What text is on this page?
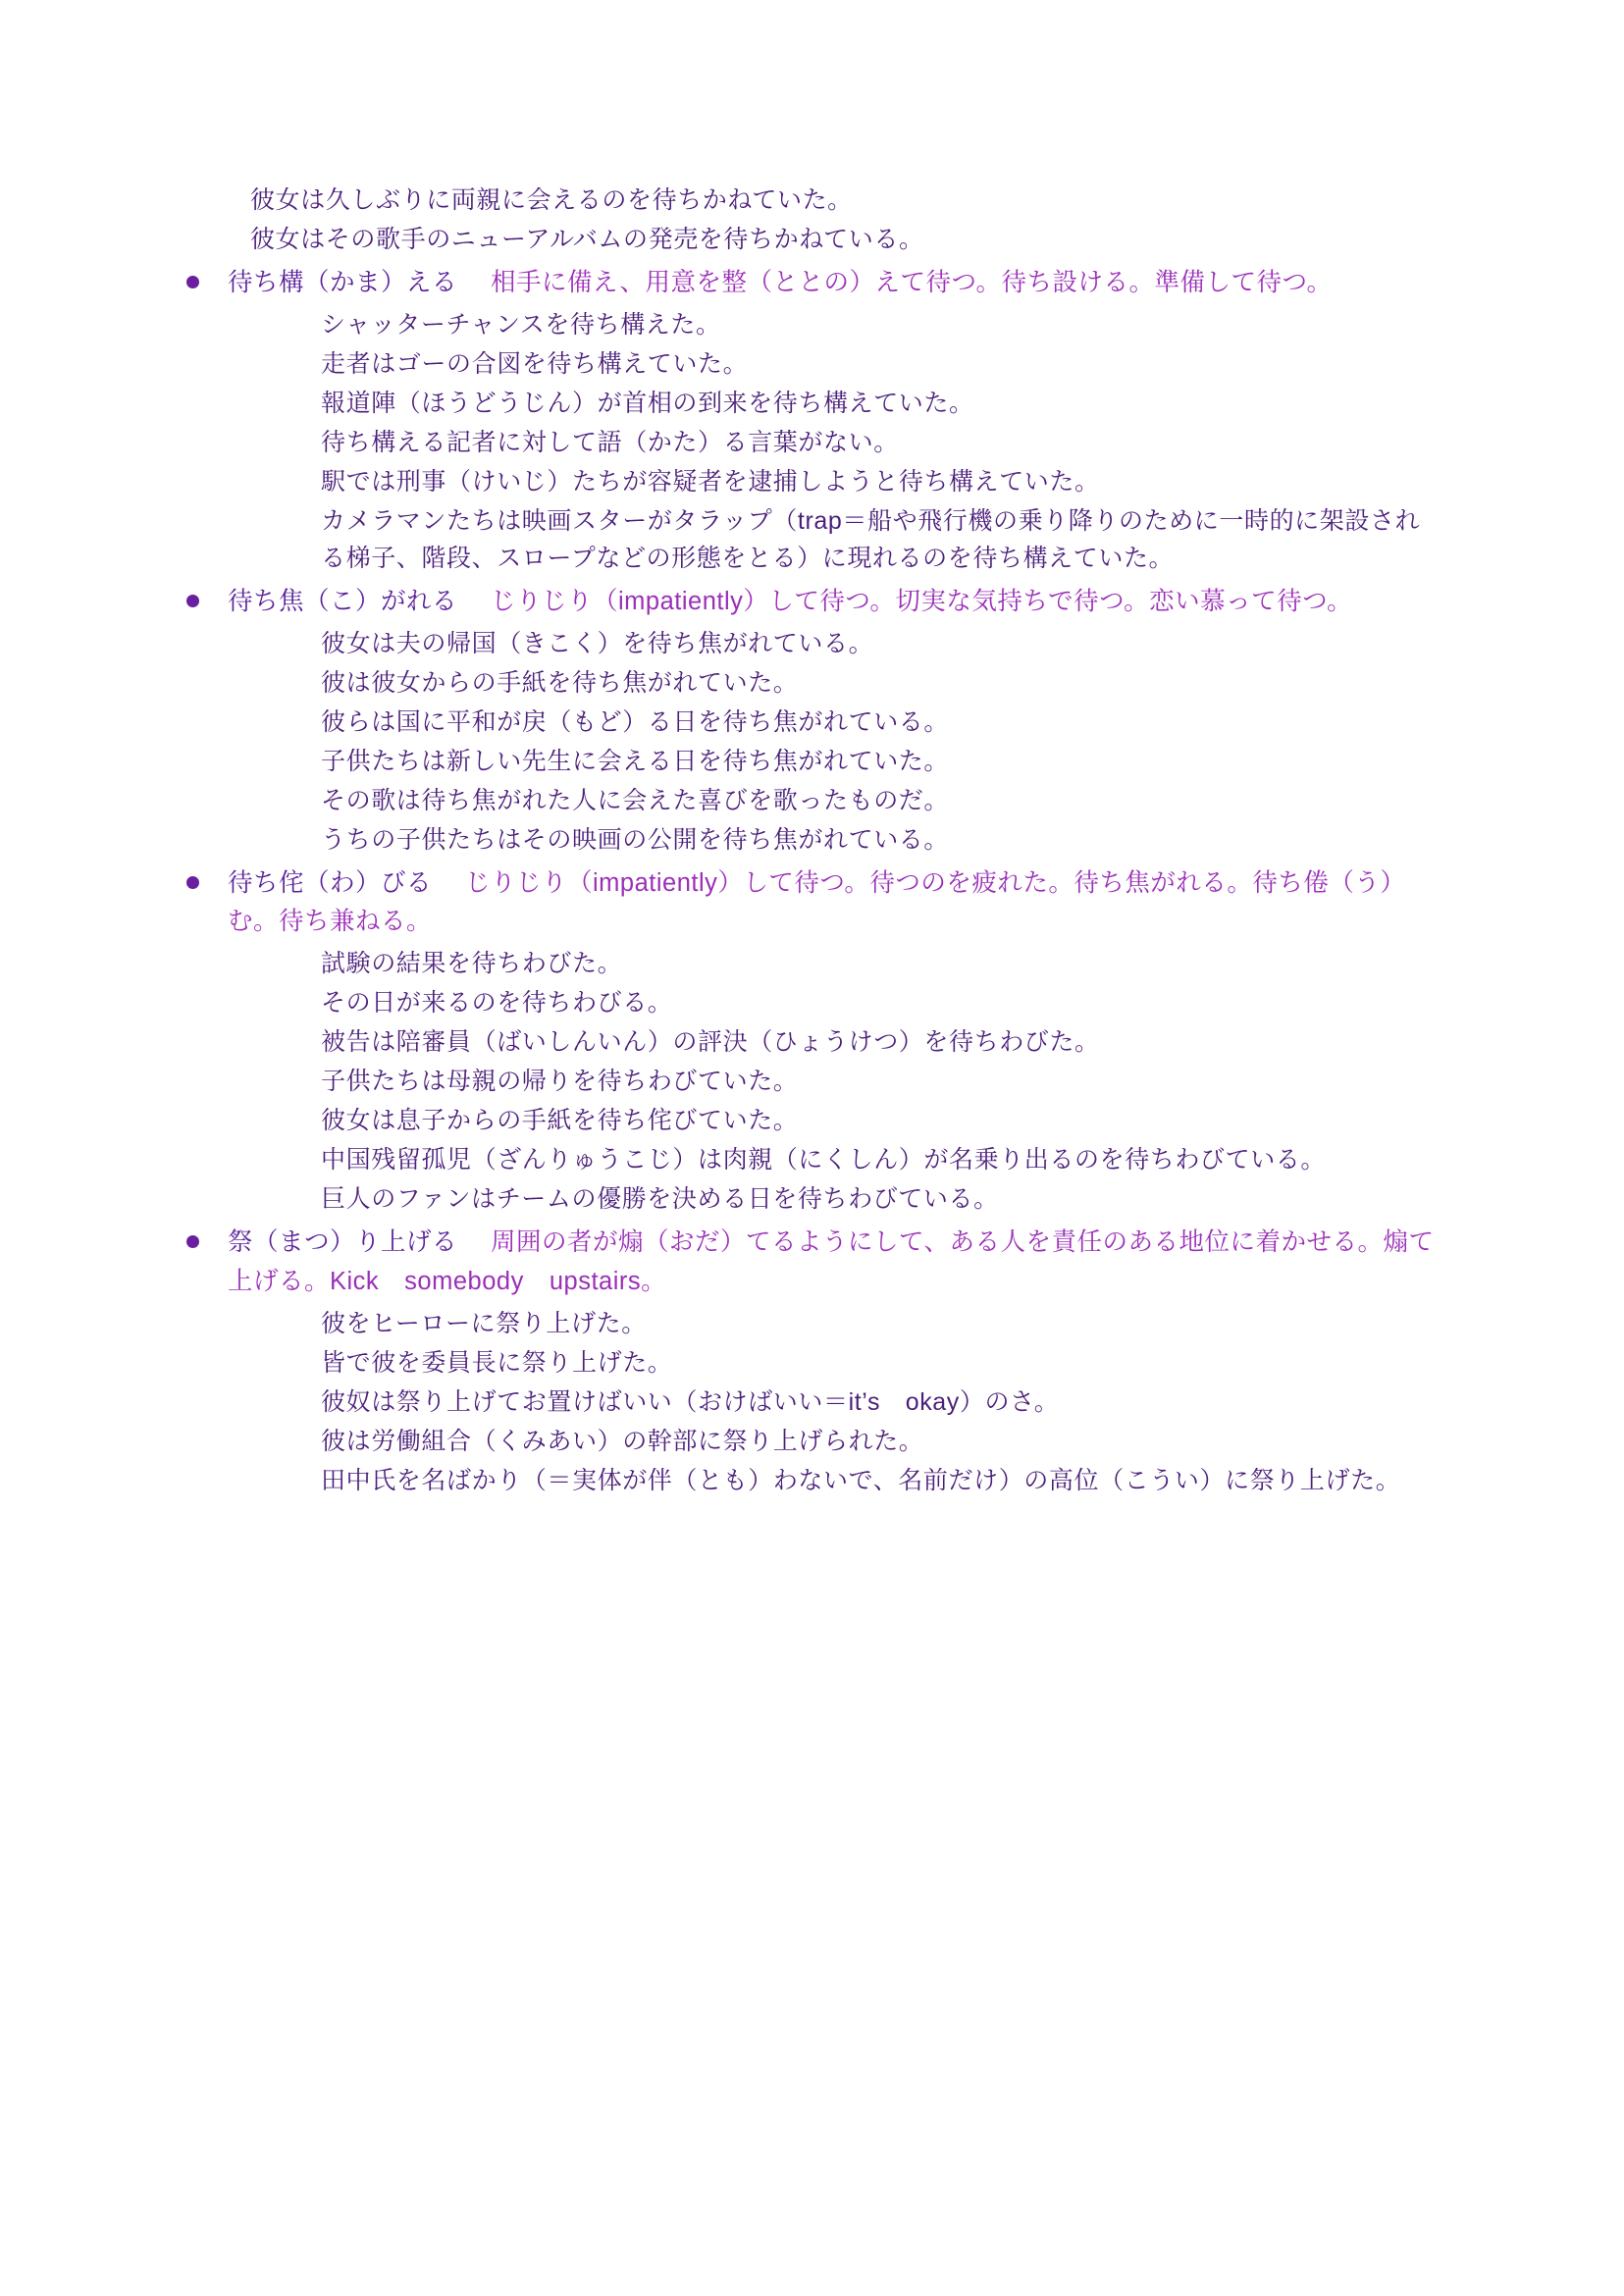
彼女は久しぶりに両親に会えるのを待ちかねていた。

彼女はその歌手のニューアルバムの発売を待ちかねている。

待ち構（かま）える 相手に備え、用意を整（ととの）えて待つ。待ち設ける。準備して待つ。

シャッターチャンスを待ち構えた。

走者はゴーの合図を待ち構えていた。

報道陣（ほうどうじん）が首相の到来を待ち構えていた。

待ち構える記者に対して語（かた）る言葉がない。

駅では刑事（けいじ）たちが容疑者を逮捕しようと待ち構えていた。

カメラマンたちは映画スターがタラップ（trap＝船や飛行機の乗り降りのために一時的に架設される梯子、階段、スロープなどの形態をとる）に現れるのを待ち構えていた。

待ち焦（こ）がれる じりじり（impatiently）して待つ。切実な気持ちで待つ。恋い慕って待つ。

彼女は夫の帰国（きこく）を待ち焦がれている。

彼は彼女からの手紙を待ち焦がれていた。

彼らは国に平和が戻（もど）る日を待ち焦がれている。

子供たちは新しい先生に会える日を待ち焦がれていた。

その歌は待ち焦がれた人に会えた喜びを歌ったものだ。

うちの子供たちはその映画の公開を待ち焦がれている。

待ち侘（わ）びる じりじり（impatiently）して待つ。待つのを疲れた。待ち焦がれる。待ち倦（う）む。待ち兼ねる。

試験の結果を待ちわびた。

その日が来るのを待ちわびる。

被告は陪審員（ばいしんいん）の評決（ひょうけつ）を待ちわびた。

子供たちは母親の帰りを待ちわびていた。

彼女は息子からの手紙を待ち侘びていた。

中国残留孤児（ざんりゅうこじ）は肉親（にくしん）が名乗り出るのを待ちわびている。

巨人のファンはチームの優勝を決める日を待ちわびている。

祭（まつ）り上げる 周囲の者が煽（おだ）てるようにして、ある人を責任のある地位に着かせる。煽て上げる。Kick　somebody　upstairs。

彼をヒーローに祭り上げた。

皆で彼を委員長に祭り上げた。

彼奴は祭り上げてお置けばいい（おけばいい＝it’s　okay）のさ。

彼は労働組合（くみあい）の幹部に祭り上げられた。

田中氏を名ばかり（＝実体が伴（とも）わないで、名前だけ）の高位（こうい）に祭り上げた。
